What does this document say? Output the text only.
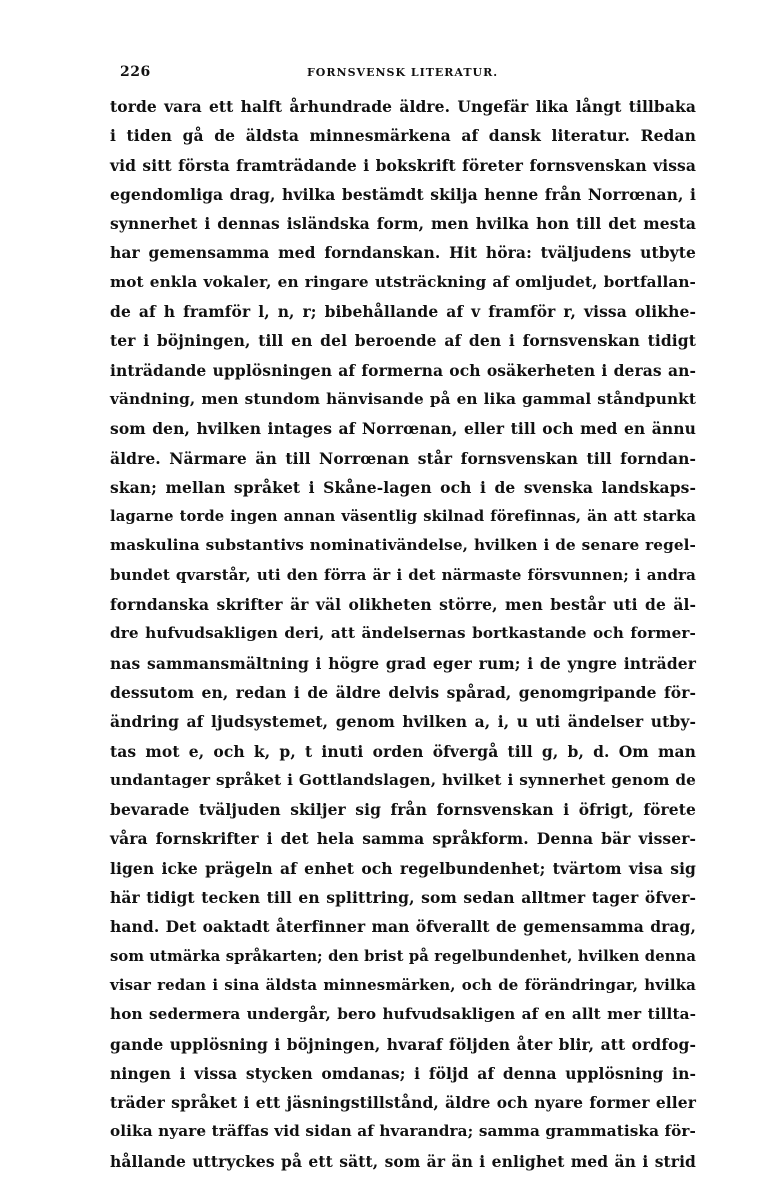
226	FORNSVENSK LITERATUR.
torde vara ett halft århundrade äldre. Ungefär lika långt tillbaka
i tiden gå de äldsta minnesmärkena af dansk literatur. Redan
vid sitt första framträdande i bokskrift företer fornsvenskan vissa
egendomliga drag, hvilka bestämdt skilja henne från Norrœnan, i
synnerhet i dennas isländska form, men hvilka hon till det mesta
har gemensamma med forndanskan. Hit höra: tväljudens utbyte
mot enkla vokaler, en ringare utsträckning af omljudet, bortfallan-
de af h framför l, n, r; bibehållande af v framför r, vissa olikhe-
ter i böjningen, till en del beroende af den i fornsvenskan tidigt
inträdande upplösningen af formerna och osäkerheten i deras an-
vändning, men stundom hänvisande på en lika gammal ståndpunkt
som den, hvilken intages af Norrœnan, eller till och med en ännu
äldre. Närmare än till Norrœnan står fornsvenskan till forndan-
skan; mellan språket i Skåne-lagen och i de svenska landskaps-
lagarne torde ingen annan väsentlig skilnad förefinnas, än att starka
maskulina substantivs nominativändelse, hvilken i de senare regel-
bundet qvarstår, uti den förra är i det närmaste försvunnen; i andra
forndanska skrifter är väl olikheten större, men består uti de äl-
dre hufvudsakligen deri, att ändelsernas bortkastande och former-
nas sammansmältning i högre grad eger rum; i de yngre inträder
dessutom en, redan i de äldre delvis spårad, genomgripande för-
ändring af ljudsystemet, genom hvilken a, i, u uti ändelser utby-
tas mot e, och k, p, t inuti orden öfvergå till g, b, d. Om man
undantager språket i Gottlandslagen, hvilket i synnerhet genom de
bevarade tväljuden skiljer sig från fornsvenskan i öfrigt, förete
våra fornskrifter i det hela samma språkform. Denna bär visser-
ligen icke prägeln af enhet och regelbundenhet; tvärtom visa sig
här tidigt tecken till en splittring, som sedan alltmer tager öfver-
hand. Det oaktadt återfinner man öfverallt de gemensamma drag,
som utmärka språkarten; den brist på regelbundenhet, hvilken denna
visar redan i sina äldsta minnesmärken, och de förändringar, hvilka
hon sedermera undergår, bero hufvudsakligen af en allt mer tillta-
gande upplösning i böjningen, hvaraf följden åter blir, att ordfog-
ningen i vissa stycken omdanas; i följd af denna upplösning in-
träder språket i ett jäsningstillstånd, äldre och nyare former eller
olika nyare träffas vid sidan af hvarandra; samma grammatiska för-
hållande uttryckes på ett sätt, som är än i enlighet med än i strid
